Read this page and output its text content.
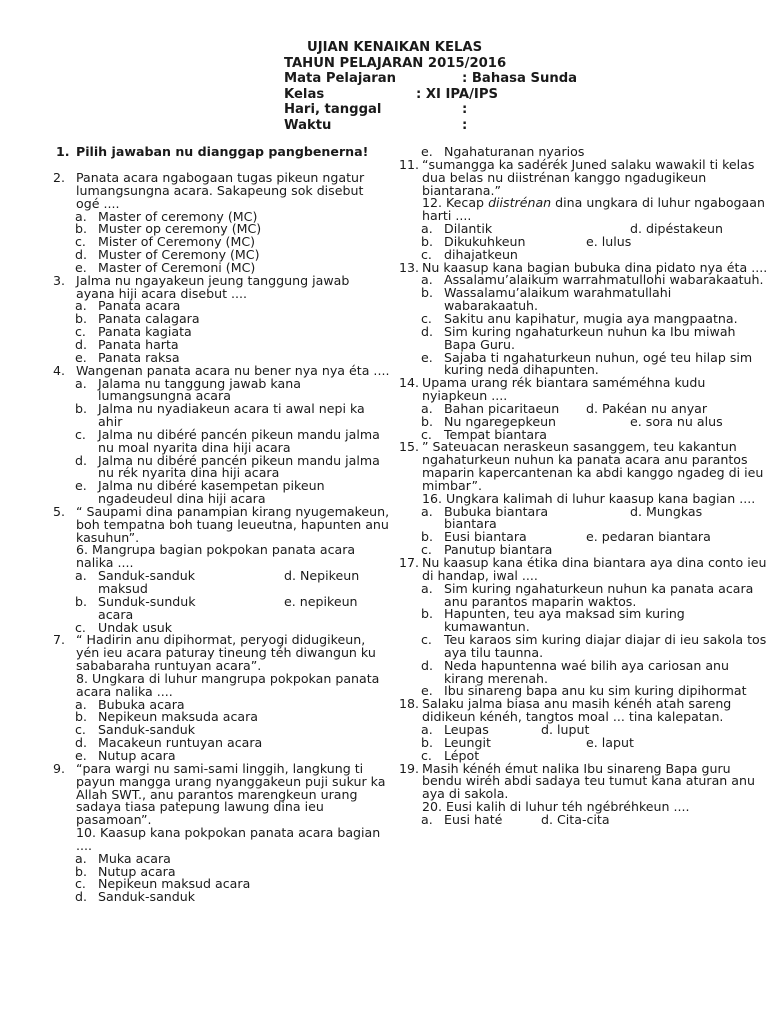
UJIAN KENAIKAN KELAS
TAHUN PELAJARAN 2015/2016
Mata Pelajaran	: Bahasa Sunda
Kelas	: XI IPA/IPS
Hari, tanggal	:
Waktu	:
1. Pilih jawaban nu dianggap pangbenerna!
2. Panata acara ngabogaan tugas pikeun ngatur lumangsungna acara. Sakapeung sok disebut ogé ....
a. Master of ceremony (MC)
b. Muster op ceremony (MC)
c. Mister of Ceremony (MC)
d. Muster of Ceremony (MC)
e. Master of Ceremoni (MC)
3. Jalma nu ngayakeun jeung tanggung jawab ayana hiji acara disebut ....
a. Panata acara
b. Panata calagara
c. Panata kagiata
d. Panata harta
e. Panata raksa
4. Wangenan panata acara nu bener nya nya éta ....
a. Jalama nu tanggung jawab kana lumangsungna acara
b. Jalma nu nyadiakeun acara ti awal nepi ka ahir
c. Jalma nu dibéré pancén pikeun mandu jalma nu moal nyarita dina hiji acara
d. Jalma nu dibéré pancén pikeun mandu jalma nu rék nyarita dina hiji acara
e. Jalma nu dibéré kasempetan pikeun ngadeudeul dina hiji acara
5. “ Saupami dina panampian kirang nyugemakeun, boh tempatna boh tuang leueutna, hapunten anu kasuhun”.
6. Mangrupa bagian pokpokan panata acara nalika ....
a. Sanduk-sanduk	d. Nepikeun
maksud
b. Sunduk-sunduk	e. nepikeun
acara
c. Undak usuk
7. “ Hadirin anu dipihormat, peryogi didugikeun, yén ieu acara paturay tineung téh diwangun ku sababaraha runtuyan acara”.
8. Ungkara di luhur mangrupa pokpokan panata acara nalika ....
a. Bubuka acara
b. Nepikeun maksuda acara
c. Sanduk-sanduk
d. Macakeun runtuyan acara
e. Nutup acara
9. “para wargi nu sami-sami linggih, langkung ti payun mangga urang nyanggakeun puji sukur ka Allah SWT., anu parantos marengkeun urang sadaya tiasa patepung lawung dina ieu pasamoan”.
10. Kaasup kana pokpokan panata acara bagian ....
a. Muka acara
b. Nutup acara
c. Nepikeun maksud acara
d. Sanduk-sanduk
e. Ngahaturanan nyarios
11. “sumangga ka sadérék Juned salaku wawakil ti kelas dua belas nu diistrénan kanggo ngadugikeun biantarana.”
12. Kecap diistrénan dina ungkara di luhur ngabogaan harti ....
a. Dilantik	d. dipéstakeun
b. Dikukuhkeun	e. lulus
c. dihajatkeun
13. Nu kaasup kana bagian bubuka dina pidato nya éta ....
a. Assalamu’alaikum warrahmatullohi wabarakaatuh.
b. Wassalamu’alaikum warahmatullahi wabarakaatuh.
c. Sakitu anu kapihatur, mugia aya mangpaatna.
d. Sim kuring ngahaturkeun nuhun ka Ibu miwah Bapa Guru.
e. Sajaba ti ngahaturkeun nuhun, ogé teu hilap sim kuring neda dihapunten.
14. Upama urang rék biantara saméméhna kudu nyiapkeun ....
a. Bahan picaritaeun d. Pakéan nu anyar
b. Nu ngaregepkeun	e. sora nu alus
c. Tempat biantara
15. ” Sateuacan neraskeun sasanggem, teu kakantun ngahaturkeun nuhun ka panata acara anu parantos maparin kapercantenan ka abdi kanggo ngadeg di ieu mimbar”.
16. Ungkara kalimah di luhur kaasup kana bagian ....
a. Bubuka biantara	d. Mungkas
biantara
b. Eusi biantara	e. pedaran biantara
c. Panutup biantara
17. Nu kaasup kana étika dina biantara aya dina conto ieu di handap, iwal ....
a. Sim kuring ngahaturkeun nuhun ka panata acara anu parantos maparin waktos.
b. Hapunten, teu aya maksad sim kuring kumawantun.
c. Teu karaos sim kuring diajar diajar di ieu sakola tos aya tilu taunna.
d. Neda hapuntenna waé bilih aya cariosan anu kirang merenah.
e. Ibu sinareng bapa anu ku sim kuring dipihormat
18. Salaku jalma biasa anu masih kénéh atah sareng didikeun kénéh, tangtos moal ... tina kalepatan.
a. Leupas	d. luput
b. Leungit	e. laput
c. Lépot
19. Masih kénéh émut nalika Ibu sinareng Bapa guru bendu wiréh abdi sadaya teu tumut kana aturan anu aya di sakola.
20. Eusi kalih di luhur téh ngébréhkeun ....
a. Eusi haté	d. Cita-cita
